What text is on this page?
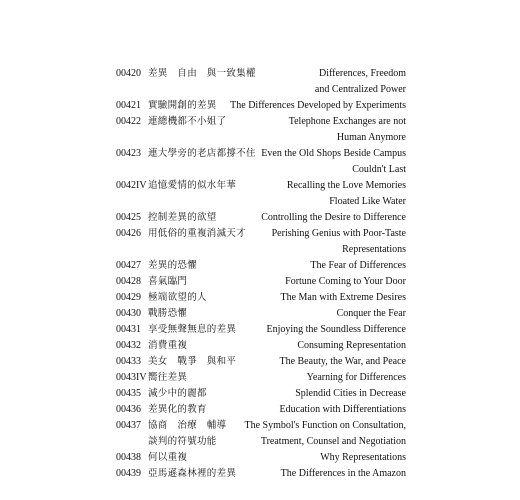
00420 差異　自由　與一致集權	Differences, Freedom
and Centralized Power
00421 實驗開創的差異 The Differences Developed by Experiments
00422 連總機都不小姐了	Telephone Exchanges are not
Human Anymore
00423 連大學旁的老店都撐不住 Even the Old Shops Beside Campus
Couldn't Last
0042IV 追憶愛情的似水年華	Recalling the Love Memories
Floated Like Water
00425 控制差異的欲望	Controlling the Desire to Difference
00426 用低俗的重複消滅天才	Perishing Genius with Poor-Taste
Representations
00427 差異的恐懼	The Fear of Differences
00428 喜氣臨門	Fortune Coming to Your Door
00429 極端欲望的人	The Man with Extreme Desires
00430 戰勝恐懼	Conquer the Fear
00431 享受無聲無息的差異	Enjoying the Soundless Difference
00432 消費重複	Consuming Representation
00433 美女　戰爭　與和平	The Beauty, the War, and Peace
0043IV 嚮往差異	Yearning for Differences
00435 減少中的麗都	Splendid Cities in Decrease
00436 差異化的教育	Education with Differentiations
00437 協商　治療　輔導 The Symbol's Function on Consultation,
談判的符號功能	Treatment, Counsel and Negotiation
00438 何以重複	Why Representations
00439 亞馬遜森林裡的差異	The Differences in the Amazon
